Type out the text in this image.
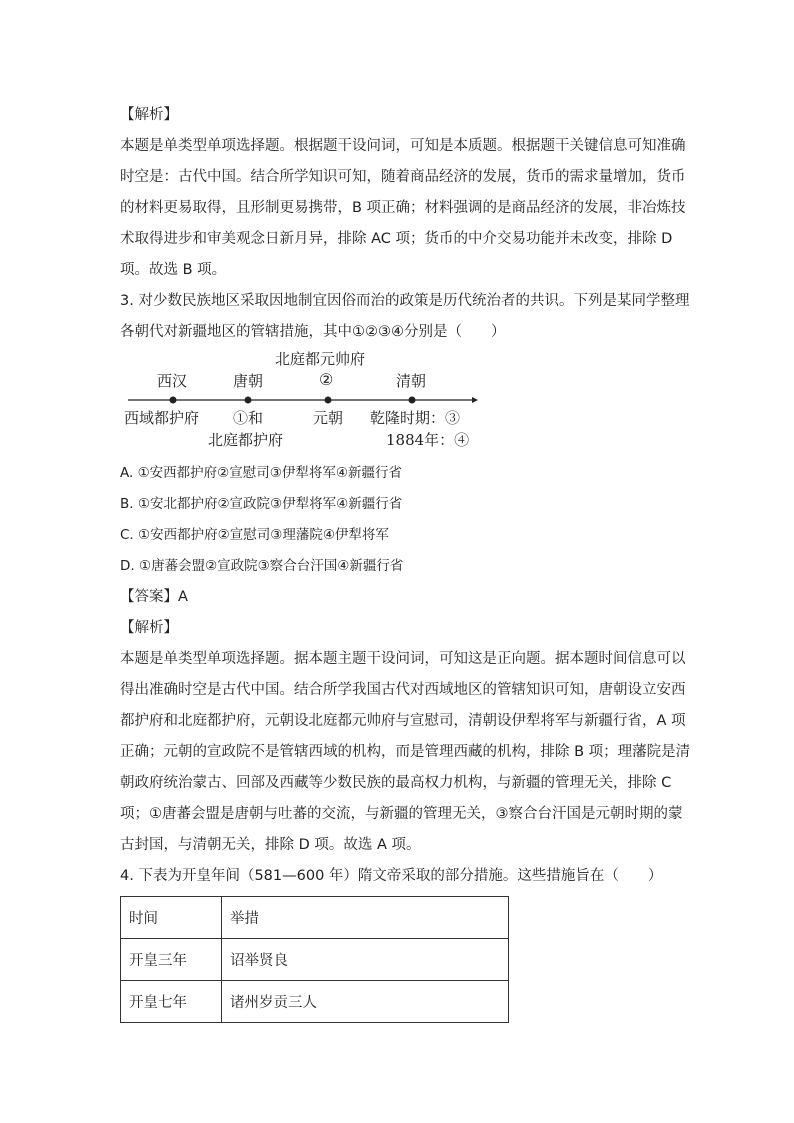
【解析】
本题是单类型单项选择题。根据题干设问词，可知是本质题。根据题干关键信息可知准确
时空是：古代中国。结合所学知识可知，随着商品经济的发展，货币的需求量增加，货币
的材料更易取得，且形制更易携带，B 项正确；材料强调的是商品经济的发展，非冶炼技
术取得进步和审美观念日新月异，排除 AC 项；货币的中介交易功能并未改变，排除 D
项。故选 B 项。
3. 对少数民族地区采取因地制宜因俗而治的政策是历代统治者的共识。下列是某同学整理
各朝代对新疆地区的管辖措施，其中①②③④分别是（　　）
北庭都元帅府
西汉	唐朝	②	清朝
西域都护府 ①和	元朝 乾隆时期：③
北庭都护府	1884年：④
A. ①安西都护府②宣慰司③伊犁将军④新疆行省
B. ①安北都护府②宣政院③伊犁将军④新疆行省
C. ①安西都护府②宣慰司③理藩院④伊犁将军
D. ①唐蕃会盟②宣政院③察合台汗国④新疆行省
【答案】A
【解析】
本题是单类型单项选择题。据本题主题干设问词，可知这是正向题。据本题时间信息可以
得出准确时空是古代中国。结合所学我国古代对西域地区的管辖知识可知，唐朝设立安西
都护府和北庭都护府，元朝设北庭都元帅府与宣慰司，清朝设伊犁将军与新疆行省，A 项
正确；元朝的宣政院不是管辖西域的机构，而是管理西藏的机构，排除 B 项；理藩院是清
朝政府统治蒙古、回部及西藏等少数民族的最高权力机构，与新疆的管理无关，排除 C
项；①唐蕃会盟是唐朝与吐蕃的交流，与新疆的管理无关，③察合台汗国是元朝时期的蒙
古封国，与清朝无关，排除 D 项。故选 A 项。
4. 下表为开皇年间（581—600 年）隋文帝采取的部分措施。这些措施旨在（　　）
时间	举措
开皇三年	诏举贤良
开皇七年	诸州岁贡三人
